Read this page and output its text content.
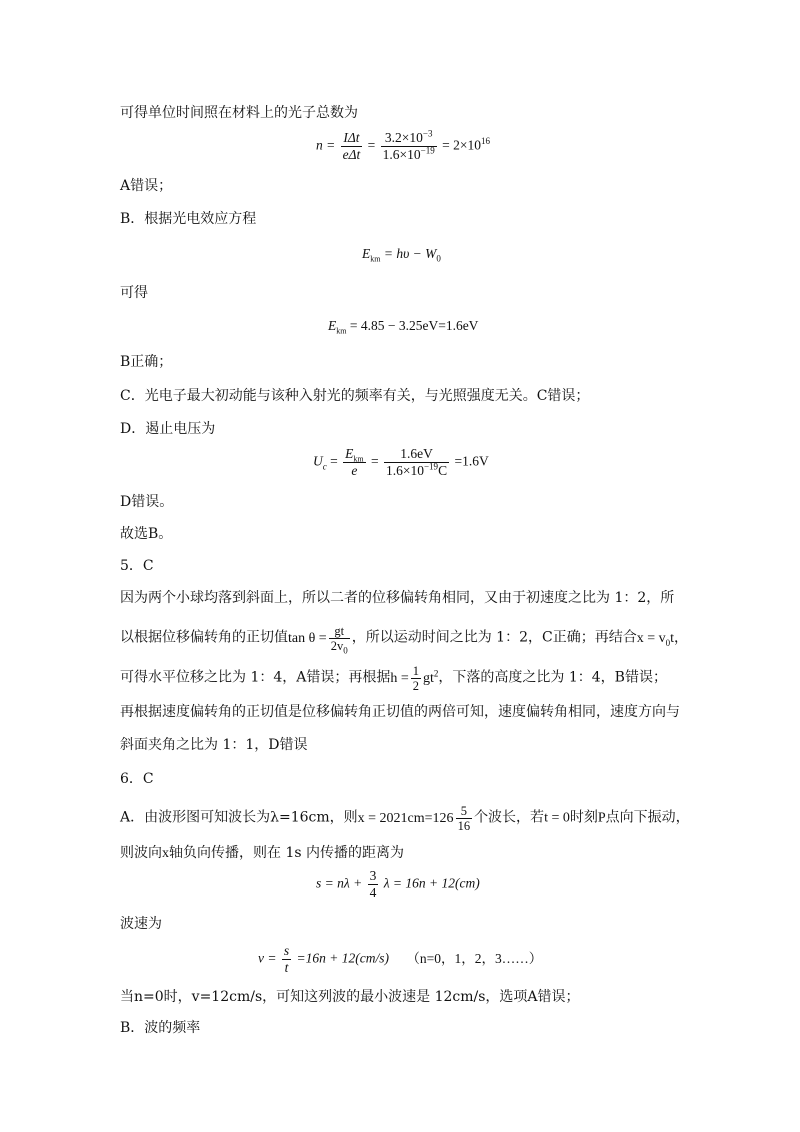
可得单位时间照在材料上的光子总数为
$n = \frac{\text{IΔt}}{\text{eΔt}} = \frac{3.2\times 10^{-3}}{1.6\times 10^{-19}} = 2\times 10^{16}$
A错误；
B．根据光电效应方程
$E_{km} = h\upsilon - W_0$
可得
$E_{km} = 4.85 - 3.25eV=1.6eV$
B正确；
C．光电子最大初动能与该种入射光的频率有关，与光照强度无关。C错误；
D．遏止电压为
$U_c = \frac{E_{km}}{e} = \frac{1.6eV}{1.6\times 10^{-19}C} =1.6V$
D错误。
故选B。
5．C
因为两个小球均落到斜面上，所以二者的位移偏转角相同，又由于初速度之比为 1：2，所
以根据位移偏转角的正切值$\tan \theta = \frac{gt}{2v_0}$ ，所以运动时间之比为 1：2，C正确；再结合$x = v_0t$，
可得水平位移之比为 1：4，A错误；再根据$h = \frac{1}{2} gt^2$，下落的高度之比为 1：4，B错误；
再根据速度偏转角的正切值是位移偏转角正切值的两倍可知，速度偏转角相同，速度方向与
斜面夹角之比为 1：1，D错误
6．C
A．由波形图可知波长为λ=16cm，则$x = 2021cm=126 \frac{5}{16}$ 个波长，若t = 0时刻P点向下振动，
则波向x轴负向传播，则在 1s 内传播的距离为
$s = n\lambda + \frac{3}{4}$ λ = 16n + 12(cm)
波速为
$v = \frac{s}{t} =16n + 12(cm/s)$ （n=0，1，2，3……）
当n=0时，v=12cm/s，可知这列波的最小波速是 12cm/s，选项A错误；
B．波的频率
